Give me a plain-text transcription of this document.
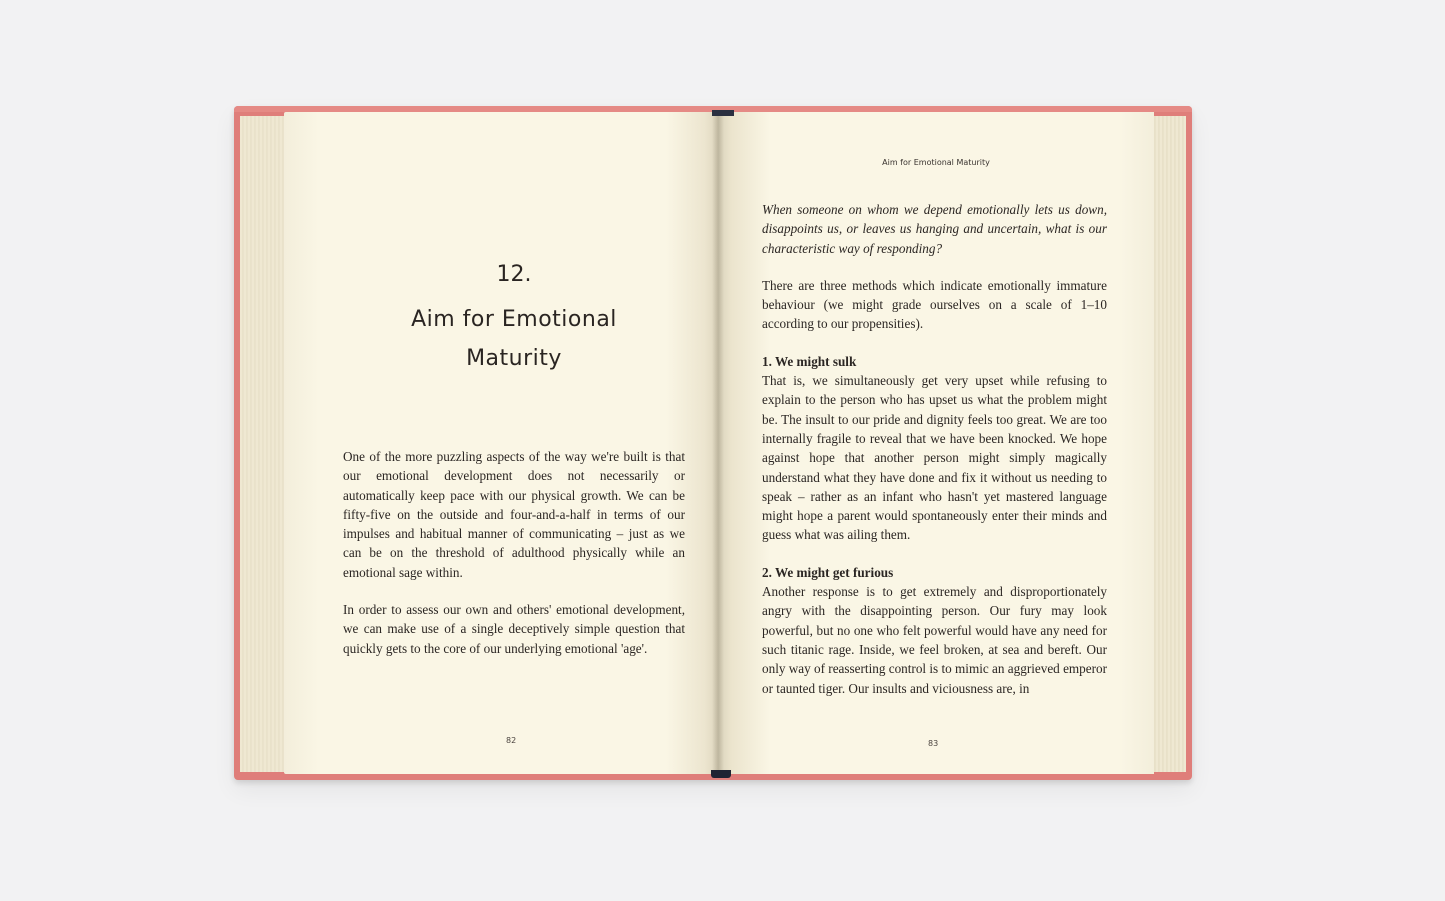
12.
Aim for Emotional
Maturity

One of the more puzzling aspects of the way we're built is that our emotional development does not necessarily or automatically keep pace with our physical growth. We can be fifty-five on the outside and four-and-a-half in terms of our impulses and habitual manner of communicating – just as we can be on the threshold of adulthood physically while an emotional sage within.

In order to assess our own and others' emotional development, we can make use of a single deceptively simple question that quickly gets to the core of our underlying emotional 'age'.

82
Aim for Emotional Maturity

When someone on whom we depend emotionally lets us down, disappoints us, or leaves us hanging and uncertain, what is our characteristic way of responding?

There are three methods which indicate emotionally immature behaviour (we might grade ourselves on a scale of 1–10 according to our propensities).

1. We might sulk

That is, we simultaneously get very upset while refusing to explain to the person who has upset us what the problem might be. The insult to our pride and dignity feels too great. We are too internally fragile to reveal that we have been knocked. We hope against hope that another person might simply magically understand what they have done and fix it without us needing to speak – rather as an infant who hasn't yet mastered language might hope a parent would spontaneously enter their minds and guess what was ailing them.

2. We might get furious

Another response is to get extremely and disproportionately angry with the disappointing person. Our fury may look powerful, but no one who felt powerful would have any need for such titanic rage. Inside, we feel broken, at sea and bereft. Our only way of reasserting control is to mimic an aggrieved emperor or taunted tiger. Our insults and viciousness are, in

83
